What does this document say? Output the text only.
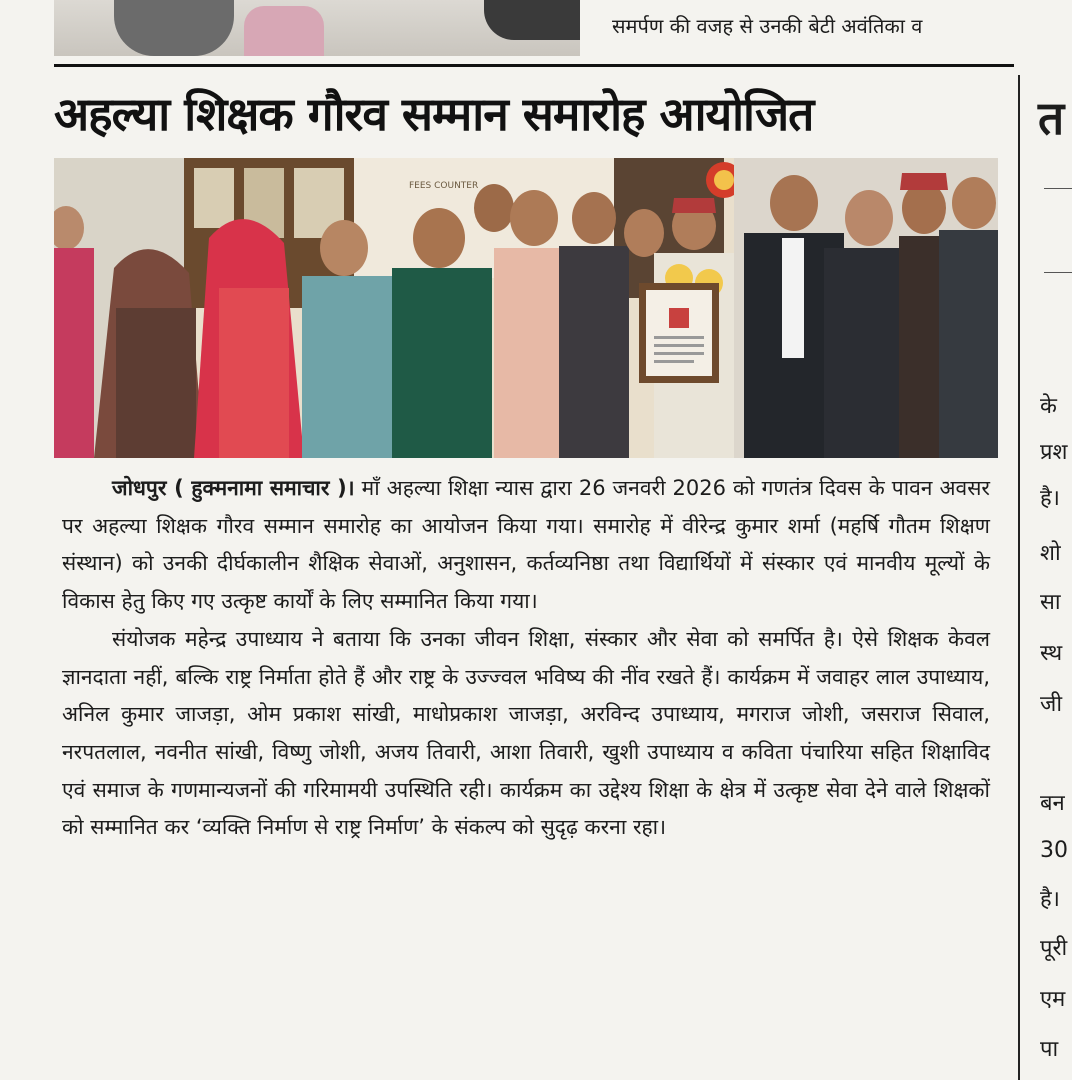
समर्पण की वजह से उनकी बेटी अवंतिका व
अहल्या शिक्षक गौरव सम्मान समारोह आयोजित
FEES COUNTER

जोधपुर ( हुक्मनामा समाचार )। माँ अहल्या शिक्षा न्यास द्वारा 26 जनवरी 2026 को गणतंत्र दिवस के पावन अवसर पर अहल्या शिक्षक गौरव सम्मान समारोह का आयोजन किया गया। समारोह में वीरेन्द्र कुमार शर्मा (महर्षि गौतम शिक्षण संस्थान) को उनकी दीर्घकालीन शैक्षिक सेवाओं, अनुशासन, कर्तव्यनिष्ठा तथा विद्यार्थियों में संस्कार एवं मानवीय मूल्यों के विकास हेतु किए गए उत्कृष्ट कार्यों के लिए सम्मानित किया गया।

संयोजक महेन्द्र उपाध्याय ने बताया कि उनका जीवन शिक्षा, संस्कार और सेवा को समर्पित है। ऐसे शिक्षक केवल ज्ञानदाता नहीं, बल्कि राष्ट्र निर्माता होते हैं और राष्ट्र के उज्ज्वल भविष्य की नींव रखते हैं। कार्यक्रम में जवाहर लाल उपाध्याय, अनिल कुमार जाजड़ा, ओम प्रकाश सांखी, माधोप्रकाश जाजड़ा, अरविन्द उपाध्याय, मगराज जोशी, जसराज सिवाल, नरपतलाल, नवनीत सांखी, विष्णु जोशी, अजय तिवारी, आशा तिवारी, खुशी उपाध्याय व कविता पंचारिया सहित शिक्षाविद एवं समाज के गणमान्यजनों की गरिमामयी उपस्थिति रही। कार्यक्रम का उद्देश्य शिक्षा के क्षेत्र में उत्कृष्ट सेवा देने वाले शिक्षकों को सम्मानित कर ‘व्यक्ति निर्माण से राष्ट्र निर्माण’ के संकल्प को सुदृढ़ करना रहा।

त
के
प्रश
है।
शो
सा
स्थ
जी
बन
30
है।
पूरी
एम
पा
